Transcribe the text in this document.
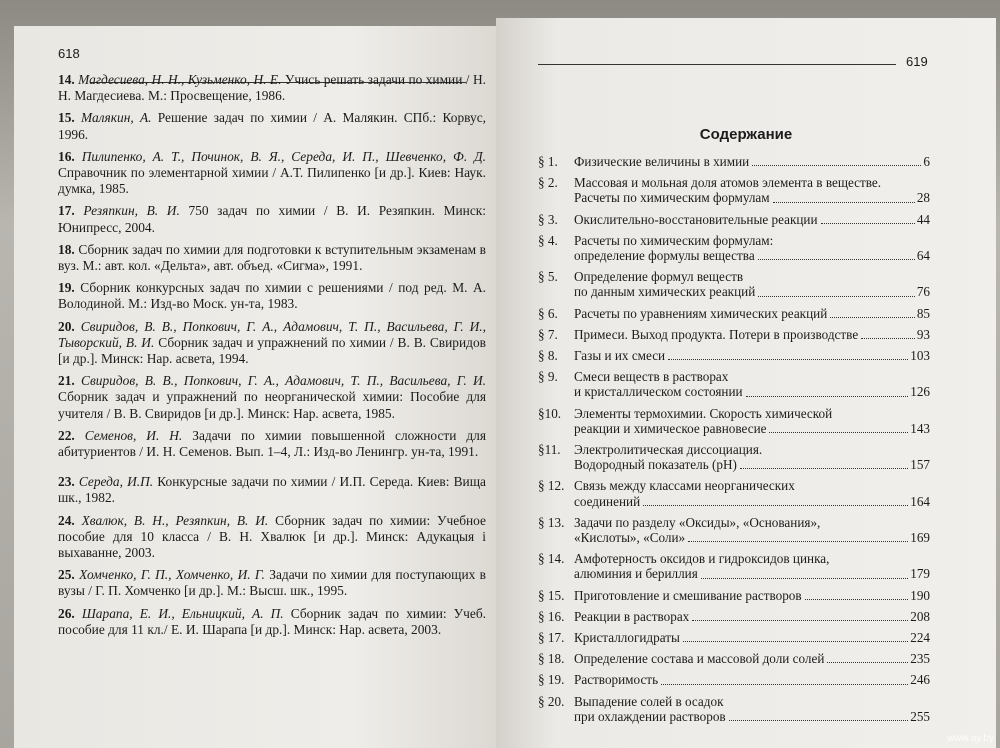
618
14. Магдесиева, Н. Н., Кузьменко, Н. Е. Учись решать задачи по химии / Н. Н. Магдесиева. М.: Просвещение, 1986.
15. Малякин, А. Решение задач по химии / А. Малякин. СПб.: Корвус, 1996.
16. Пилипенко, А. Т., Починок, В. Я., Середа, И. П., Шевченко, Ф. Д. Справочник по элементарной химии / А.Т. Пилипенко [и др.]. Киев: Наук. думка, 1985.
17. Резяпкин, В. И. 750 задач по химии / В. И. Резяпкин. Минск: Юнипресс, 2004.
18. Сборник задач по химии для подготовки к вступительным экзаменам в вуз. М.: авт. кол. «Дельта», авт. объед. «Сигма», 1991.
19. Сборник конкурсных задач по химии с решениями / под ред. М. А. Володиной. М.: Изд-во Моск. ун-та, 1983.
20. Свиридов, В. В., Попкович, Г. А., Адамович, Т. П., Васильева, Г. И., Тыворский, В. И. Сборник задач и упражнений по химии / В. В. Свиридов [и др.]. Минск: Нар. асвета, 1994.
21. Свиридов, В. В., Попкович, Г. А., Адамович, Т. П., Васильева, Г. И. Сборник задач и упражнений по неорганической химии: Пособие для учителя / В. В. Свиридов [и др.]. Минск: Нар. асвета, 1985.
22. Семенов, И. Н. Задачи по химии повышенной сложности для абитуриентов / И. Н. Семенов. Вып. 1–4, Л.: Изд-во Ленингр. ун-та, 1991.
23. Середа, И.П. Конкурсные задачи по химии / И.П. Середа. Киев: Вища шк., 1982.
24. Хвалюк, В. Н., Резяпкин, В. И. Сборник задач по химии: Учебное пособие для 10 класса / В. Н. Хвалюк [и др.]. Минск: Адукацыя і выхаванне, 2003.
25. Хомченко, Г. П., Хомченко, И. Г. Задачи по химии для поступающих в вузы / Г. П. Хомченко [и др.]. М.: Высш. шк., 1995.
26. Шарапа, Е. И., Ельницкий, А. П. Сборник задач по химии: Учеб. пособие для 11 кл./ Е. И. Шарапа [и др.]. Минск: Нар. асвета, 2003.
619
Содержание
§ 1.	Физические величины в химии	6
§ 2.	Массовая и мольная доля атомов элемента в веществе.
Расчеты по химическим формулам	28
§ 3.	Окислительно-восстановительные реакции	44
§ 4.	Расчеты по химическим формулам:
определение формулы вещества	64
§ 5.	Определение формул веществ
по данным химических реакций	76
§ 6.	Расчеты по уравнениям химических реакций	85
§ 7.	Примеси. Выход продукта. Потери в производстве	93
§ 8.	Газы и их смеси	103
§ 9.	Смеси веществ в растворах
и кристаллическом состоянии	126
§10. Элементы термохимии. Скорость химической
реакции и химическое равновесие	143
§11.	Электролитическая диссоциация.
Водородный показатель (pH)	157
§ 12. Связь между классами неорганических
соединений	164
§ 13. Задачи по разделу «Оксиды», «Основания»,
«Кислоты», «Соли»	169
§ 14. Амфотерность оксидов и гидроксидов цинка,
алюминия и бериллия	179
§ 15. Приготовление и смешивание растворов	190
§ 16. Реакции в растворах	208
§ 17. Кристаллогидраты	224
§ 18. Определение состава и массовой доли солей	235
§ 19. Растворимость	246
§ 20. Выпадение солей в осадок
при охлаждении растворов	255
www.ay.by
